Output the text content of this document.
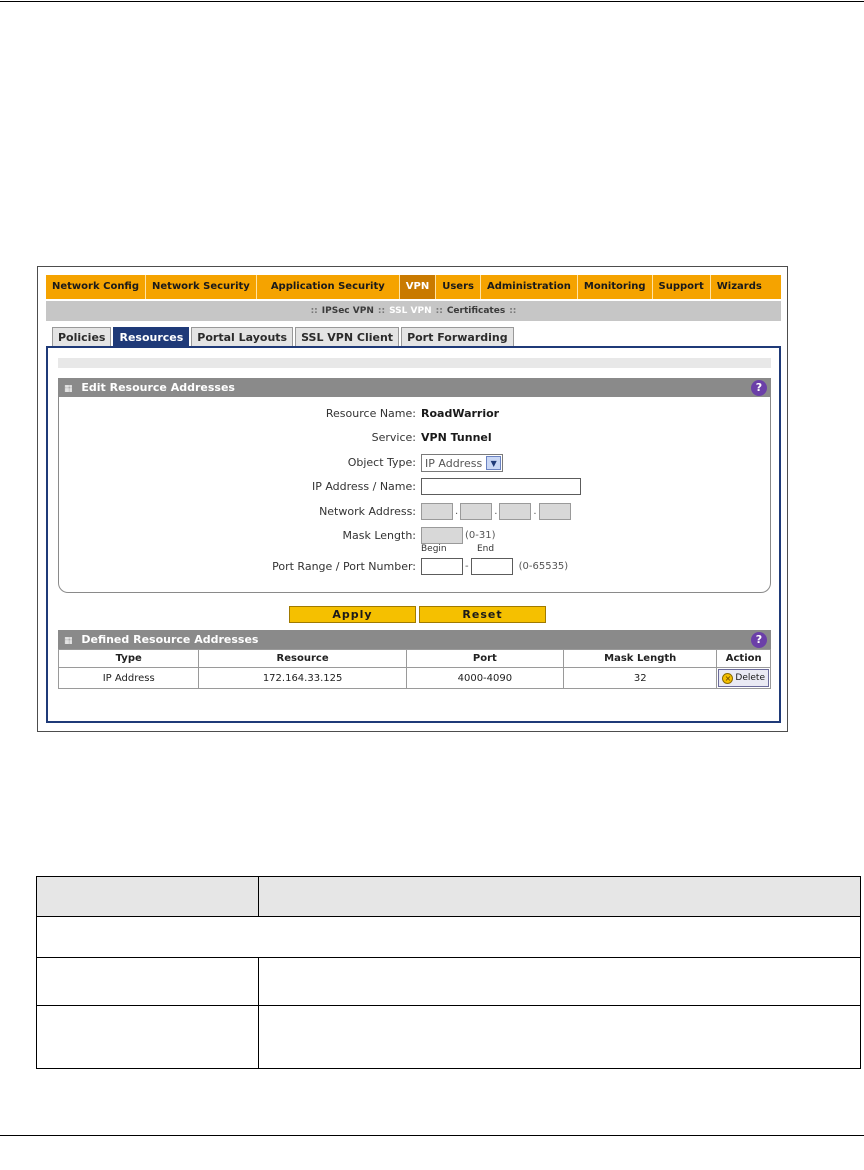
Network Config	Network Security	Application Security	VPN	Users	Administration	Monitoring	Support	Wizards
:: IPSec VPN :: SSL VPN :: Certificates ::
Policies	Resources	Portal Layouts	SSL VPN Client	Port Forwarding
▦ Edit Resource Addresses	?
Resource Name: RoadWarrior
Service: VPN Tunnel
Object Type: IP Address	▼
IP Address / Name:
Network Address:	.	.	.
Mask Length:	(0-31)
Begin	End
Port Range / Port Number:	-	(0-65535)
Apply	Reset
▦ Defined Resource Addresses	?
Type	Resource	Port	Mask Length	Action
IP Address	172.164.33.125	4000-4090	32	× Delete
